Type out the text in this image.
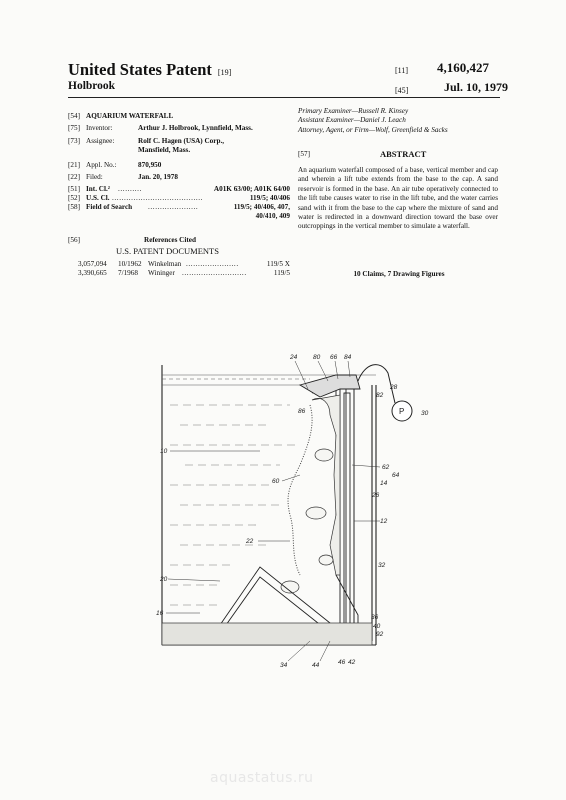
United States Patent [19]
Holbrook
[11] 4,160,427
[45]	Jul. 10, 1979
[54] AQUARIUM WATERFALL
[75] Inventor:	Arthur J. Holbrook, Lynnfield, Mass.
[73] Assignee:	Rolf C. Hagen (USA) Corp.,
Mansfield, Mass.
[21] Appl. No.:	870,950
[22] Filed:	Jan. 20, 1978
[51] Int. Cl.² ..........	A01K 63/00; A01K 64/00
[52] U.S. Cl. ......................................	119/5; 40/406
[58] Field of Search .....................	119/5; 40/406, 407,
40/410, 409
[56]	References Cited
U.S. PATENT DOCUMENTS
3,057,094 10/1962 Winkelman ......................	119/5 X
3,390,665 7/1968 Wininger ...........................	119/5
Primary Examiner—Russell R. Kinsey
Assistant Examiner—Daniel J. Leach
Attorney, Agent, or Firm—Wolf, Greenfield & Sacks
[57]	ABSTRACT
An aquarium waterfall composed of a base, vertical member and cap and wherein a lift tube extends from the base to the cap. A sand reservoir is formed in the base. An air tube operatively connected to the lift tube causes water to rise in the lift tube, and the water carries sand with it from the base to the cap where the mixture of sand and water is redirected in a downward direction toward the base over outcroppings in the vertical member to simulate a waterfall.
10 Claims, 7 Drawing Figures
P
24 80 66 84
28
82
30
86
10
62
64
14
60
26
12
22
32
20
16
36
40
92
34	44	46 42
aquastatus.ru
